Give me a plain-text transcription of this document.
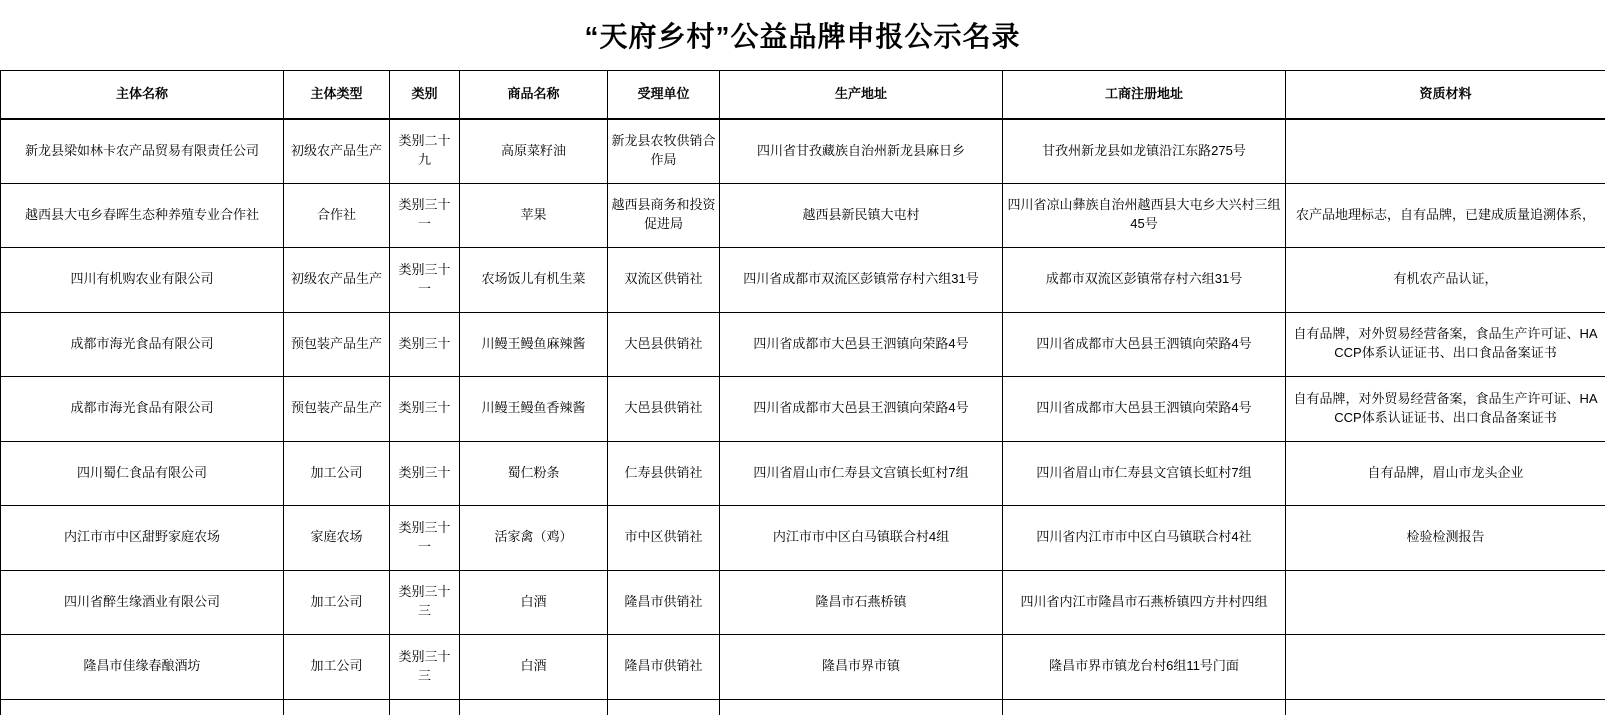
“天府乡村”公益品牌申报公示名录
主体名称	主体类型	类别	商品名称	受理单位	生产地址	工商注册地址	资质材料
新龙县梁如林卡农产品贸易有限责任公司	初级农产品生产	类别二十九	高原菜籽油	新龙县农牧供销合作局	四川省甘孜藏族自治州新龙县麻日乡	甘孜州新龙县如龙镇沿江东路275号	
越西县大屯乡春晖生态种养殖专业合作社	合作社	类别三十一	苹果	越西县商务和投资促进局	越西县新民镇大屯村	四川省凉山彝族自治州越西县大屯乡大兴村三组45号	农产品地理标志，自有品牌，已建成质量追溯体系，
四川有机购农业有限公司	初级农产品生产	类别三十一	农场饭儿有机生菜	双流区供销社	四川省成都市双流区彭镇常存村六组31号	成都市双流区彭镇常存村六组31号	有机农产品认证，
成都市海光食品有限公司	预包装产品生产	类别三十	川鳗王鳗鱼麻辣酱	大邑县供销社	四川省成都市大邑县王泗镇向荣路4号	四川省成都市大邑县王泗镇向荣路4号	自有品牌，对外贸易经营备案，食品生产许可证、HACCP体系认证证书、出口食品备案证书
成都市海光食品有限公司	预包装产品生产	类别三十	川鳗王鳗鱼香辣酱	大邑县供销社	四川省成都市大邑县王泗镇向荣路4号	四川省成都市大邑县王泗镇向荣路4号	自有品牌，对外贸易经营备案，食品生产许可证、HACCP体系认证证书、出口食品备案证书
四川蜀仁食品有限公司	加工公司	类别三十	蜀仁粉条	仁寿县供销社	四川省眉山市仁寿县文宫镇长虹村7组	四川省眉山市仁寿县文宫镇长虹村7组	自有品牌，眉山市龙头企业
内江市市中区甜野家庭农场	家庭农场	类别三十一	活家禽（鸡）	市中区供销社	内江市市中区白马镇联合村4组	四川省内江市市中区白马镇联合村4社	检验检测报告
四川省醉生缘酒业有限公司	加工公司	类别三十三	白酒	隆昌市供销社	隆昌市石燕桥镇	四川省内江市隆昌市石燕桥镇四方井村四组	
隆昌市佳缘春酿酒坊	加工公司	类别三十三	白酒	隆昌市供销社	隆昌市界市镇	隆昌市界市镇龙台村6组11号门面	
